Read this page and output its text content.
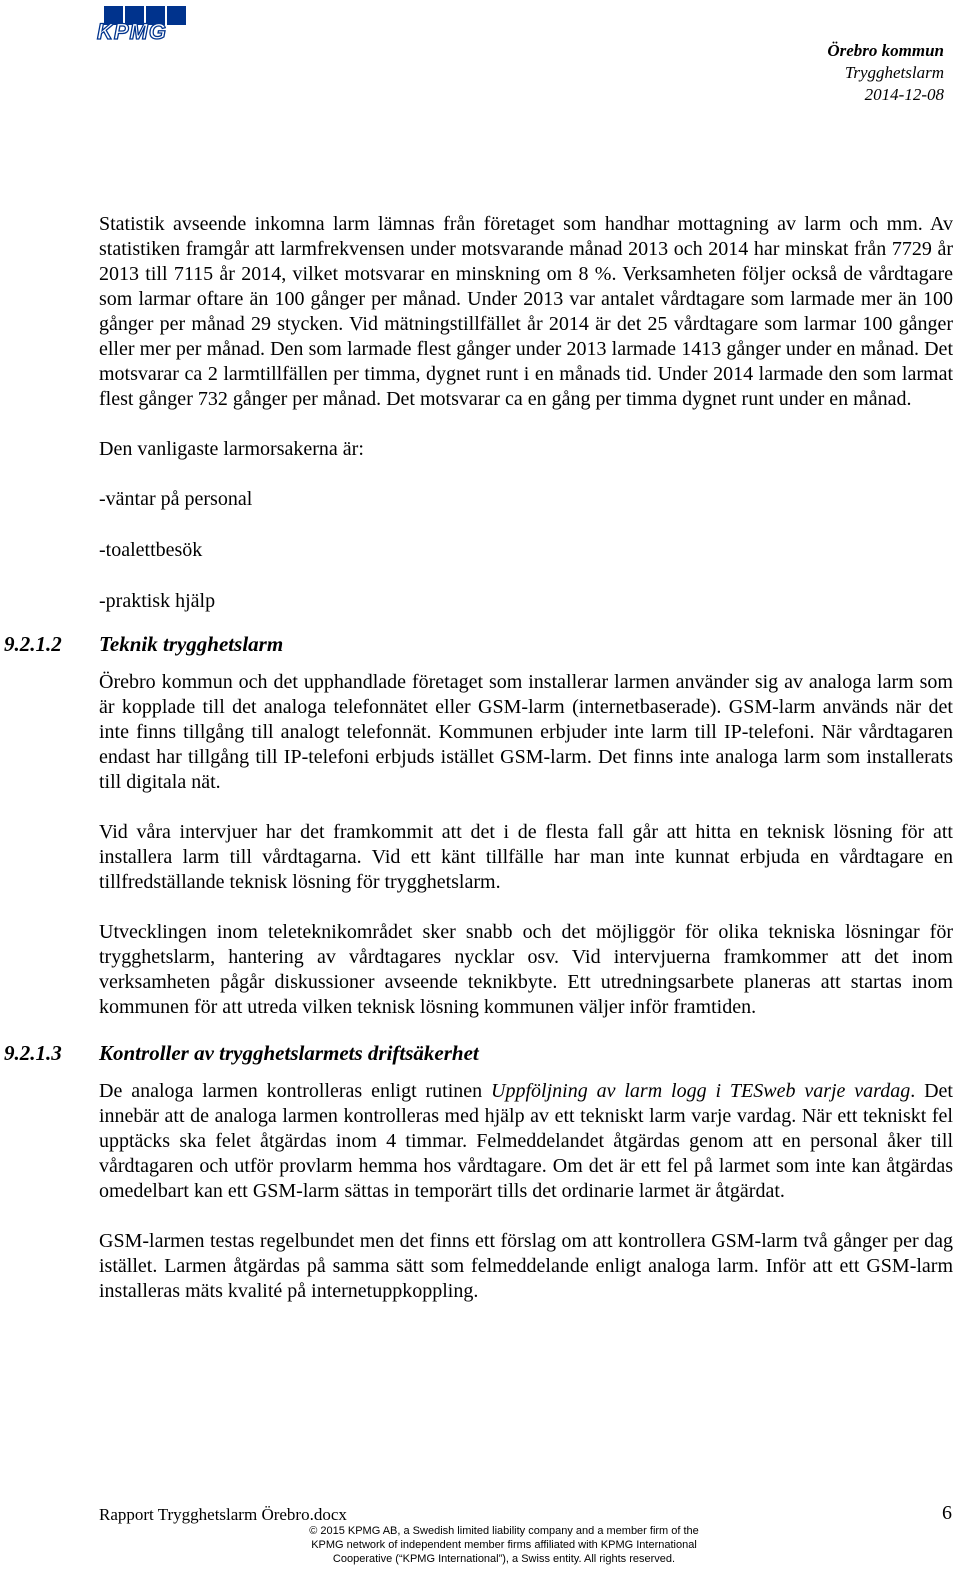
KPMG
Örebro kommun
Trygghetslarm
2014-12-08

Statistik avseende inkomna larm lämnas från företaget som handhar mottagning av larm och mm. Av statistiken framgår att larmfrekvensen under motsvarande månad 2013 och 2014 har minskat från 7729 år 2013 till 7115 år 2014, vilket motsvarar en minskning om 8 %. Verksamheten följer också de vårdtagare som larmar oftare än 100 gånger per månad. Under 2013 var antalet vårdtagare som larmade mer än 100 gånger per månad 29 stycken. Vid mätningstillfället år 2014 är det 25 vårdtagare som larmar 100 gånger eller mer per månad. Den som larmade flest gånger under 2013 larmade 1413 gånger under en månad. Det motsvarar ca 2 larmtillfällen per timma, dygnet runt i en månads tid. Under 2014 larmade den som larmat flest gånger 732 gånger per månad. Det motsvarar ca en gång per timma dygnet runt under en månad.

Den vanligaste larmorsakerna är:

-väntar på personal

-toalettbesök

-praktisk hjälp

9.2.1.2 Teknik trygghetslarm

Örebro kommun och det upphandlade företaget som installerar larmen använder sig av analoga larm som är kopplade till det analoga telefonnätet eller GSM-larm (internetbaserade). GSM-larm används när det inte finns tillgång till analogt telefonnät. Kommunen erbjuder inte larm till IP-telefoni. När vårdtagaren endast har tillgång till IP-telefoni erbjuds istället GSM-larm. Det finns inte analoga larm som installerats till digitala nät.

Vid våra intervjuer har det framkommit att det i de flesta fall går att hitta en teknisk lösning för att installera larm till vårdtagarna. Vid ett känt tillfälle har man inte kunnat erbjuda en vårdtagare en tillfredställande teknisk lösning för trygghetslarm.

Utvecklingen inom teleteknikområdet sker snabb och det möjliggör för olika tekniska lösningar för trygghetslarm, hantering av vårdtagares nycklar osv. Vid intervjuerna framkommer att det inom verksamheten pågår diskussioner avseende teknikbyte. Ett utredningsarbete planeras att startas inom kommunen för att utreda vilken teknisk lösning kommunen väljer inför framtiden.

9.2.1.3 Kontroller av trygghetslarmets driftsäkerhet

De analoga larmen kontrolleras enligt rutinen Uppföljning av larm logg i TESweb varje vardag. Det innebär att de analoga larmen kontrolleras med hjälp av ett tekniskt larm varje vardag. När ett tekniskt fel upptäcks ska felet åtgärdas inom 4 timmar. Felmeddelandet åtgärdas genom att en personal åker till vårdtagaren och utför provlarm hemma hos vårdtagare. Om det är ett fel på larmet som inte kan åtgärdas omedelbart kan ett GSM-larm sättas in temporärt tills det ordinarie larmet är åtgärdat.

GSM-larmen testas regelbundet men det finns ett förslag om att kontrollera GSM-larm två gånger per dag istället. Larmen åtgärdas på samma sätt som felmeddelande enligt analoga larm. Inför att ett GSM-larm installeras mäts kvalité på internetuppkoppling.

Rapport Trygghetslarm Örebro.docx	6
© 2015 KPMG AB, a Swedish limited liability company and a member firm of the
KPMG network of independent member firms affiliated with KPMG International
Cooperative (“KPMG International”), a Swiss entity. All rights reserved.
